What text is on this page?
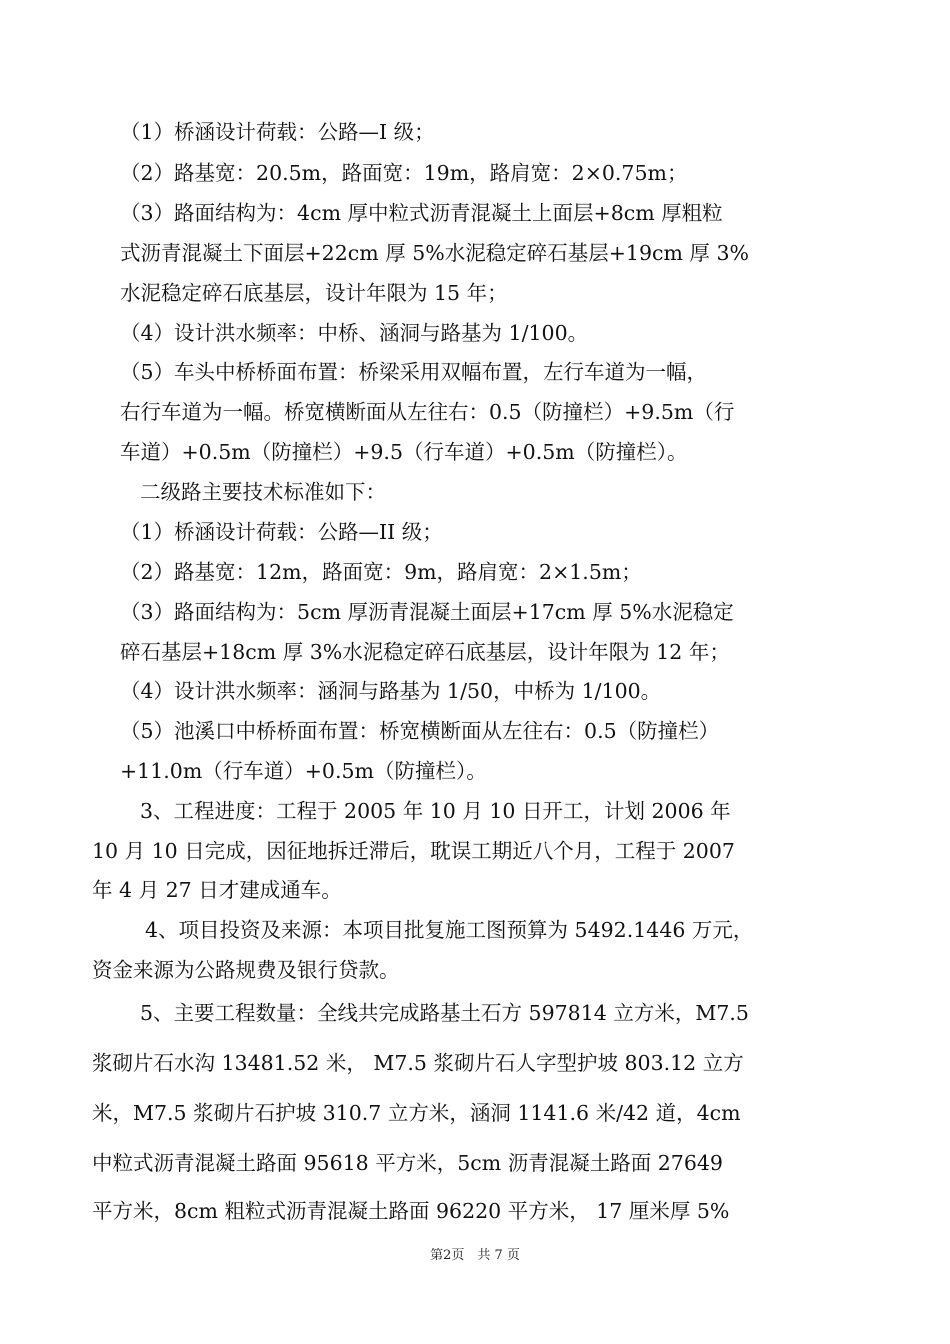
（1）桥涵设计荷载：公路—I 级；
（2）路基宽：20.5m，路面宽：19m，路肩宽：2×0.75m；
（3）路面结构为：4cm 厚中粒式沥青混凝土上面层+8cm 厚粗粒
式沥青混凝土下面层+22cm 厚 5%水泥稳定碎石基层+19cm 厚 3%
水泥稳定碎石底基层，设计年限为 15 年；
（4）设计洪水频率：中桥、涵洞与路基为 1/100。
（5）车头中桥桥面布置：桥梁采用双幅布置，左行车道为一幅，
右行车道为一幅。桥宽横断面从左往右：0.5（防撞栏）+9.5m（行
车道）+0.5m（防撞栏）+9.5（行车道）+0.5m（防撞栏）。
二级路主要技术标准如下：
（1）桥涵设计荷载：公路—II 级；
（2）路基宽：12m，路面宽：9m，路肩宽：2×1.5m；
（3）路面结构为：5cm 厚沥青混凝土面层+17cm 厚 5%水泥稳定
碎石基层+18cm 厚 3%水泥稳定碎石底基层，设计年限为 12 年；
（4）设计洪水频率：涵洞与路基为 1/50，中桥为 1/100。
（5）池溪口中桥桥面布置：桥宽横断面从左往右：0.5（防撞栏）
+11.0m（行车道）+0.5m（防撞栏）。
3、工程进度：工程于 2005 年 10 月 10 日开工，计划 2006 年
10 月 10 日完成，因征地拆迁滞后，耽误工期近八个月，工程于 2007
年 4 月 27 日才建成通车。
4、项目投资及来源：本项目批复施工图预算为 5492.1446 万元，
资金来源为公路规费及银行贷款。
5、主要工程数量：全线共完成路基土石方 597814 立方米，M7.5
浆砌片石水沟 13481.52 米， M7.5 浆砌片石人字型护坡 803.12 立方
米，M7.5 浆砌片石护坡 310.7 立方米，涵洞 1141.6 米/42 道，4cm
中粒式沥青混凝土路面 95618 平方米，5cm 沥青混凝土路面 27649
平方米，8cm 粗粒式沥青混凝土路面 96220 平方米， 17 厘米厚 5%
第2页　共 7 页
